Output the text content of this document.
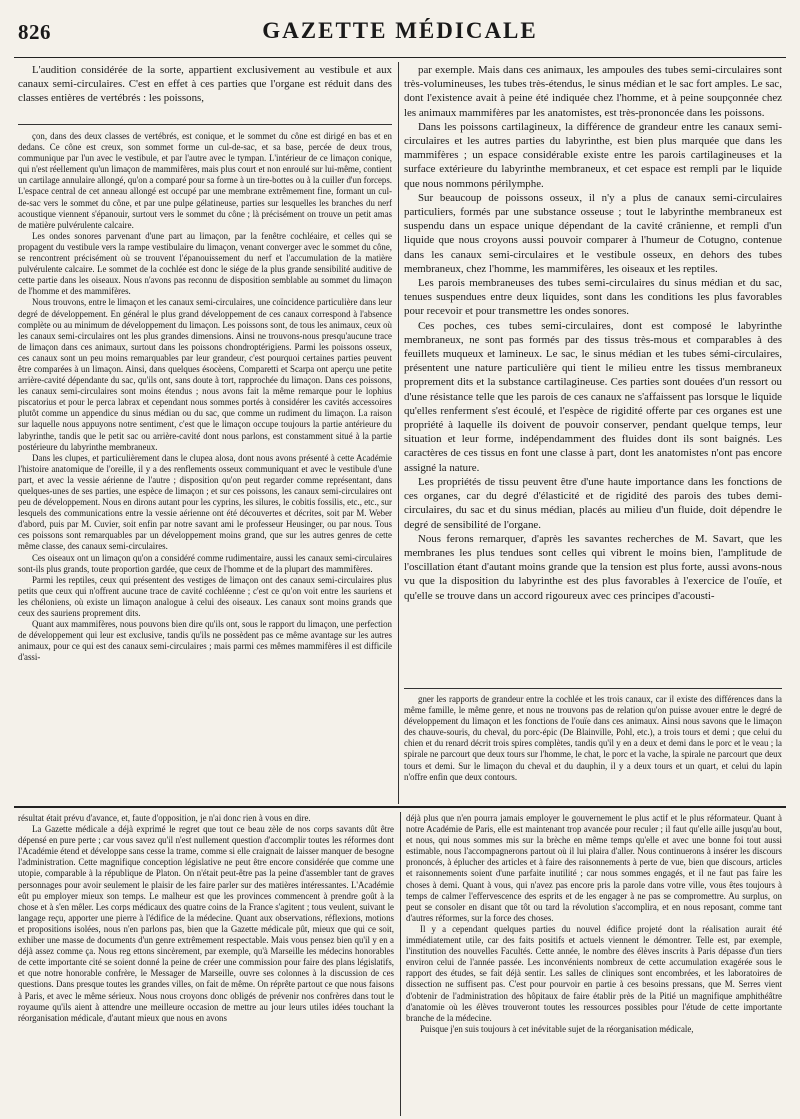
826	GAZETTE MÉDICALE

L'audition considérée de la sorte, appartient exclusivement au vestibule et aux canaux semi-circulaires. C'est en effet à ces parties que l'organe est réduit dans des classes entières de vertébrés : les poissons,

çon, dans des deux classes de vertébrés, est conique, et le sommet du cône est dirigé en bas et en dedans. Ce cône est creux, son sommet forme un cul-de-sac, et sa base, percée de deux trous, communique par l'un avec le vestibule, et par l'autre avec le tympan. L'intérieur de ce limaçon conique, qui n'est réellement qu'un limaçon de mammifères, mais plus court et non enroulé sur lui-même, contient un cartilage annulaire allongé, qu'on a comparé pour sa forme à un tire-bottes ou à la cuiller d'un forceps. L'espace central de cet anneau allongé est occupé par une membrane extrêmement fine, formant un cul-de-sac vers le sommet du cône, et par une pulpe gélatineuse, parties sur lesquelles les branches du nerf acoustique viennent s'épanouir, surtout vers le sommet du cône ; là précisément on trouve un petit amas de matière pulvérulente calcaire.

Les ondes sonores parvenant d'une part au limaçon, par la fenêtre cochléaire, et celles qui se propagent du vestibule vers la rampe vestibulaire du limaçon, venant converger avec le sommet du cône, se rencontrent précisément où se trouvent l'épanouissement du nerf et l'accumulation de la matière pulvérulente calcaire. Le sommet de la cochlée est donc le siége de la plus grande sensibilité auditive de cette partie dans les oiseaux. Nous n'avons pas reconnu de disposition semblable au sommet du limaçon de l'homme et des mammifères.

Nous trouvons, entre le limaçon et les canaux semi-circulaires, une coïncidence particulière dans leur degré de développement. En général le plus grand développement de ces canaux correspond à l'absence complète ou au minimum de développement du limaçon. Les poissons sont, de tous les animaux, ceux où les canaux semi-circulaires ont les plus grandes dimensions. Ainsi ne trouvons-nous presqu'aucune trace de limaçon dans ces animaux, surtout dans les poissons chondroptérigiens. Parmi les poissons osseux, ces canaux sont un peu moins remarquables par leur grandeur, c'est pourquoi certaines parties peuvent être comparées à un limaçon. Ainsi, dans quelques ésocèens, Comparetti et Scarpa ont aperçu une petite arrière-cavité dépendante du sac, qu'ils ont, sans doute à tort, rapprochée du limaçon. Dans ces poissons, les canaux semi-circulaires sont moins étendus ; nous avons fait la même remarque pour le lophius piscatorius et pour le perca labrax et cependant nous sommes portés à considérer les cavités accessoires plutôt comme un appendice du sinus médian ou du sac, que comme un rudiment du limaçon. La raison sur laquelle nous appuyons notre sentiment, c'est que le limaçon occupe toujours la partie antérieure du labyrinthe, tandis que le petit sac ou arrière-cavité dont nous parlons, est constamment situé à la partie postérieure du labyrinthe membraneux.

Dans les clupes, et particulièrement dans le clupea alosa, dont nous avons présenté à cette Académie l'histoire anatomique de l'oreille, il y a des renflements osseux communiquant et avec le vestibule d'une part, et avec la vessie aérienne de l'autre ; disposition qu'on peut regarder comme représentant, dans quelques-unes de ses parties, une espèce de limaçon ; et sur ces poissons, les canaux semi-circulaires ont peu de développement. Nous en dirons autant pour les cyprins, les silures, le cobitis fossilis, etc., etc., sur lesquels des communications entre la vessie aérienne ont été découvertes et décrites, soit par M. Weber d'abord, puis par M. Cuvier, soit enfin par notre savant ami le professeur Heusinger, ou par nous. Tous ces poissons sont remarquables par un développement moins grand, que sur les autres genres de cette même classe, des canaux semi-circulaires.

Ces oiseaux ont un limaçon qu'on a considéré comme rudimentaire, aussi les canaux semi-circulaires sont-ils plus grands, toute proportion gardée, que ceux de l'homme et de la plupart des mammifères.

Parmi les reptiles, ceux qui présentent des vestiges de limaçon ont des canaux semi-circulaires plus petits que ceux qui n'offrent aucune trace de cavité cochléenne ; c'est ce qu'on voit entre les sauriens et les chéloniens, où existe un limaçon analogue à celui des oiseaux. Les canaux sont moins grands que ceux des sauriens proprement dits.

Quant aux mammifères, nous pouvons bien dire qu'ils ont, sous le rapport du limaçon, une perfection de développement qui leur est exclusive, tandis qu'ils ne possèdent pas ce même avantage sur les autres animaux, pour ce qui est des canaux semi-circulaires ; mais parmi ces mêmes mammifères il est difficile d'assi-

par exemple. Mais dans ces animaux, les ampoules des tubes semi-circulaires sont très-volumineuses, les tubes très-étendus, le sinus médian et le sac fort amples. Le sac, dont l'existence avait à peine été indiquée chez l'homme, et à peine soupçonnée chez les animaux mammifères par les anatomistes, est très-prononcée dans les poissons.

Dans les poissons cartilagineux, la différence de grandeur entre les canaux semi-circulaires et les autres parties du labyrinthe, est bien plus marquée que dans les mammifères ; un espace considérable existe entre les parois cartilagineuses et la surface extérieure du labyrinthe membraneux, et cet espace est rempli par le liquide que nous nommons périlymphe.

Sur beaucoup de poissons osseux, il n'y a plus de canaux semi-circulaires particuliers, formés par une substance osseuse ; tout le labyrinthe membraneux est suspendu dans un espace unique dépendant de la cavité crânienne, et rempli d'un liquide que nous croyons aussi pouvoir comparer à l'humeur de Cotugno, contenue dans les canaux semi-circulaires et le vestibule osseux, en dehors des tubes membraneux, chez l'homme, les mammifères, les oiseaux et les reptiles.

Les parois membraneuses des tubes semi-circulaires du sinus médian et du sac, tenues suspendues entre deux liquides, sont dans les conditions les plus favorables pour recevoir et pour transmettre les ondes sonores.

Ces poches, ces tubes semi-circulaires, dont est composé le labyrinthe membraneux, ne sont pas formés par des tissus très-mous et comparables à des feuillets muqueux et lamineux. Le sac, le sinus médian et les tubes sémi-circulaires, présentent une nature particulière qui tient le milieu entre les tissus membraneux proprement dits et la substance cartilagineuse. Ces parties sont douées d'un ressort ou d'une résistance telle que les parois de ces canaux ne s'affaissent pas lorsque le liquide qu'elles renferment s'est écoulé, et l'espèce de rigidité offerte par ces organes est une propriété à laquelle ils doivent de pouvoir conserver, pendant quelque temps, leur situation et leur forme, indépendamment des fluides dont ils sont baignés. Les caractères de ces tissus en font une classe à part, dont les anatomistes n'ont pas encore assigné la nature.

Les propriétés de tissu peuvent être d'une haute importance dans les fonctions de ces organes, car du degré d'élasticité et de rigidité des parois des tubes demi-circulaires, du sac et du sinus médian, placés au milieu d'un fluide, doit dépendre le degré de sensibilité de l'organe.

Nous ferons remarquer, d'après les savantes recherches de M. Savart, que les membranes les plus tendues sont celles qui vibrent le moins bien, l'amplitude de l'oscillation étant d'autant moins grande que la tension est plus forte, aussi avons-nous vu que la disposition du labyrinthe est des plus favorables à l'exercice de l'ouïe, et qu'elle se trouve dans un accord rigoureux avec ces principes d'acousti-

gner les rapports de grandeur entre la cochlée et les trois canaux, car il existe des différences dans la même famille, le même genre, et nous ne trouvons pas de relation qu'on puisse avouer entre le degré de développement du limaçon et les fonctions de l'ouïe dans ces animaux. Ainsi nous savons que le limaçon des chauve-souris, du cheval, du porc-épic (De Blainville, Pohl, etc.), a trois tours et demi ; que celui du chien et du renard décrit trois spires complètes, tandis qu'il y en a deux et demi dans le porc et le veau ; la spirale ne parcourt que deux tours sur l'homme, le chat, le porc et la vache, la spirale ne parcourt que deux tours et demi. Sur le limaçon du cheval et du dauphin, il y a deux tours et un quart, et celui du lapin n'offre enfin que deux contours.

résultat était prévu d'avance, et, faute d'opposition, je n'ai donc rien à vous en dire.

La Gazette médicale a déjà exprimé le regret que tout ce beau zèle de nos corps savants dût être dépensé en pure perte ; car vous savez qu'il n'est nullement question d'accomplir toutes les réformes dont l'Académie étend et développe sans cesse la trame, comme si elle craignait de laisser manquer de besogne l'administration. Cette magnifique conception législative ne peut être encore considérée que comme une utopie, comparable à la république de Platon. On n'était peut-être pas la peine d'assembler tant de graves personnages pour avoir seulement le plaisir de les faire parler sur des matières intéressantes. L'Académie eût pu employer mieux son temps. Le malheur est que les provinces commencent à prendre goût à la chose et à s'en mêler. Les corps médicaux des quatre coins de la France s'agitent ; tous veulent, suivant le langage reçu, apporter une pierre à l'édifice de la médecine. Quant aux observations, réflexions, motions et propositions isolées, nous n'en parlons pas, bien que la Gazette médicale pût, mieux que qui ce soit, exhiber une masse de documents d'un genre extrêmement respectable. Mais vous pensez bien qu'il y en a déjà assez comme ça. Nous reg ettons sincèrement, par exemple, qu'à Marseille les médecins honorables de cette importante cité se soient donné la peine de créer une commission pour faire des plans législatifs, et que notre honorable confrère, le Messager de Marseille, ouvre ses colonnes à la discussion de ces questions. Dans presque toutes les grandes villes, on fait de même. On réprête partout ce que nous faisons à Paris, et avec le même sérieux. Nous nous croyons donc obligés de prévenir nos confrères dans tout le royaume qu'ils aient à attendre une meilleure occasion de mettre au jour leurs utiles idées touchant la réorganisation médicale, d'autant mieux que nous en avons

déjà plus que n'en pourra jamais employer le gouvernement le plus actif et le plus réformateur. Quant à notre Académie de Paris, elle est maintenant trop avancée pour reculer ; il faut qu'elle aille jusqu'au bout, et nous, qui nous sommes mis sur la brèche en même temps qu'elle et avec une bonne foi tout aussi estimable, nous l'accompagnerons partout où il lui plaira d'aller. Nous continuerons à insérer les discours prononcés, à éplucher des articles et à faire des raisonnements à perte de vue, bien que discours, articles et raisonnements soient d'une parfaite inutilité ; car nous sommes engagés, et il ne faut pas faire les choses à demi. Quant à vous, qui n'avez pas encore pris la parole dans votre ville, vous êtes toujours à temps de calmer l'effervescence des esprits et de les engager à ne pas se compromettre. Au surplus, on peut se consoler en disant que tôt ou tard la révolution s'accomplira, et en nous reposant, comme tant d'autres réformes, sur la force des choses.

Il y a cependant quelques parties du nouvel édifice projeté dont la réalisation aurait été immédiatement utile, car des faits positifs et actuels viennent le démontrer. Telle est, par exemple, l'institution des nouvelles Facultés. Cette année, le nombre des élèves inscrits à Paris dépasse d'un tiers environ celui de l'année passée. Les inconvénients nombreux de cette accumulation exagérée sous le rapport des études, se fait déjà sentir. Les salles de cliniques sont encombrées, et les laboratoires de dissection ne suffisent pas. C'est pour pourvoir en partie à ces besoins pressans, que M. Serres vient d'obtenir de l'administration des hôpitaux de faire établir près de la Pitié un magnifique amphithéâtre d'anatomie où les élèves trouveront toutes les ressources possibles pour l'étude de cette importante branche de la médecine.

Puisque j'en suis toujours à cet inévitable sujet de la réorganisation médicale,
